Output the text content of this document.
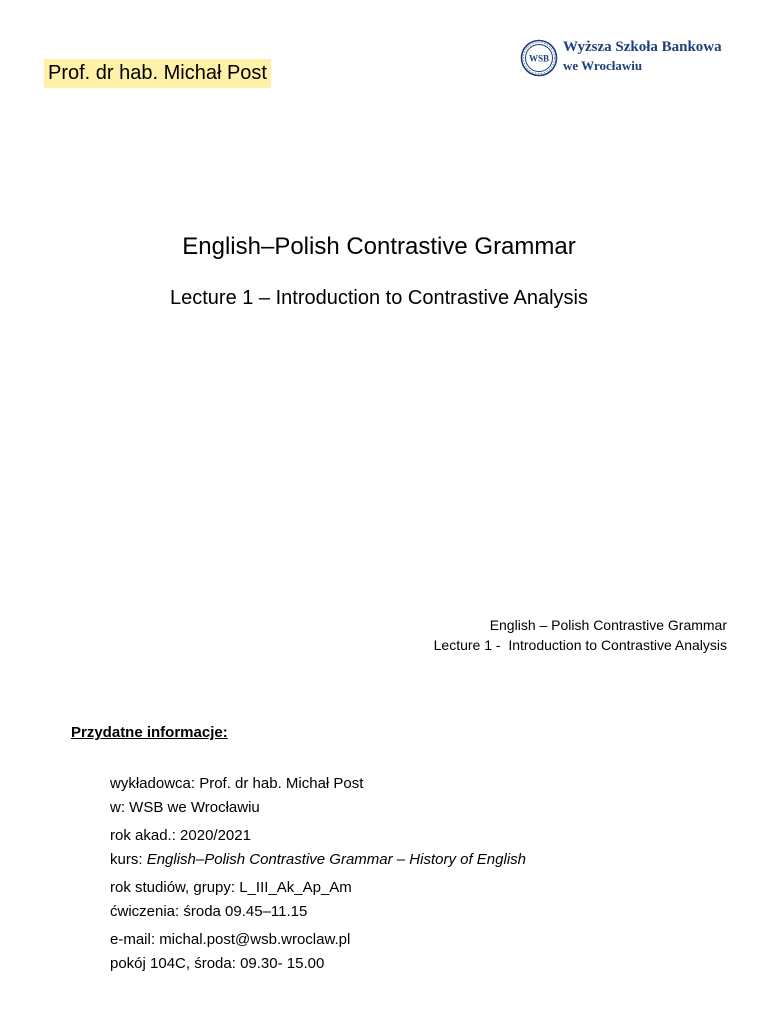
Prof. dr hab. Michał Post
WSB
Wyższa Szkoła Bankowa
we Wrocławiu
English–Polish Contrastive Grammar
Lecture 1 – Introduction to Contrastive Analysis
English – Polish Contrastive Grammar
Lecture 1 -  Introduction to Contrastive Analysis
Przydatne informacje:
wykładowca: Prof. dr hab. Michał Post
w: WSB we Wrocławiu
rok akad.: 2020/2021
kurs: English–Polish Contrastive Grammar – History of English
rok studiów, grupy: L_III_Ak_Ap_Am
ćwiczenia: środa 09.45–11.15
e-mail: michal.post@wsb.wroclaw.pl
pokój 104C, środa: 09.30- 15.00
